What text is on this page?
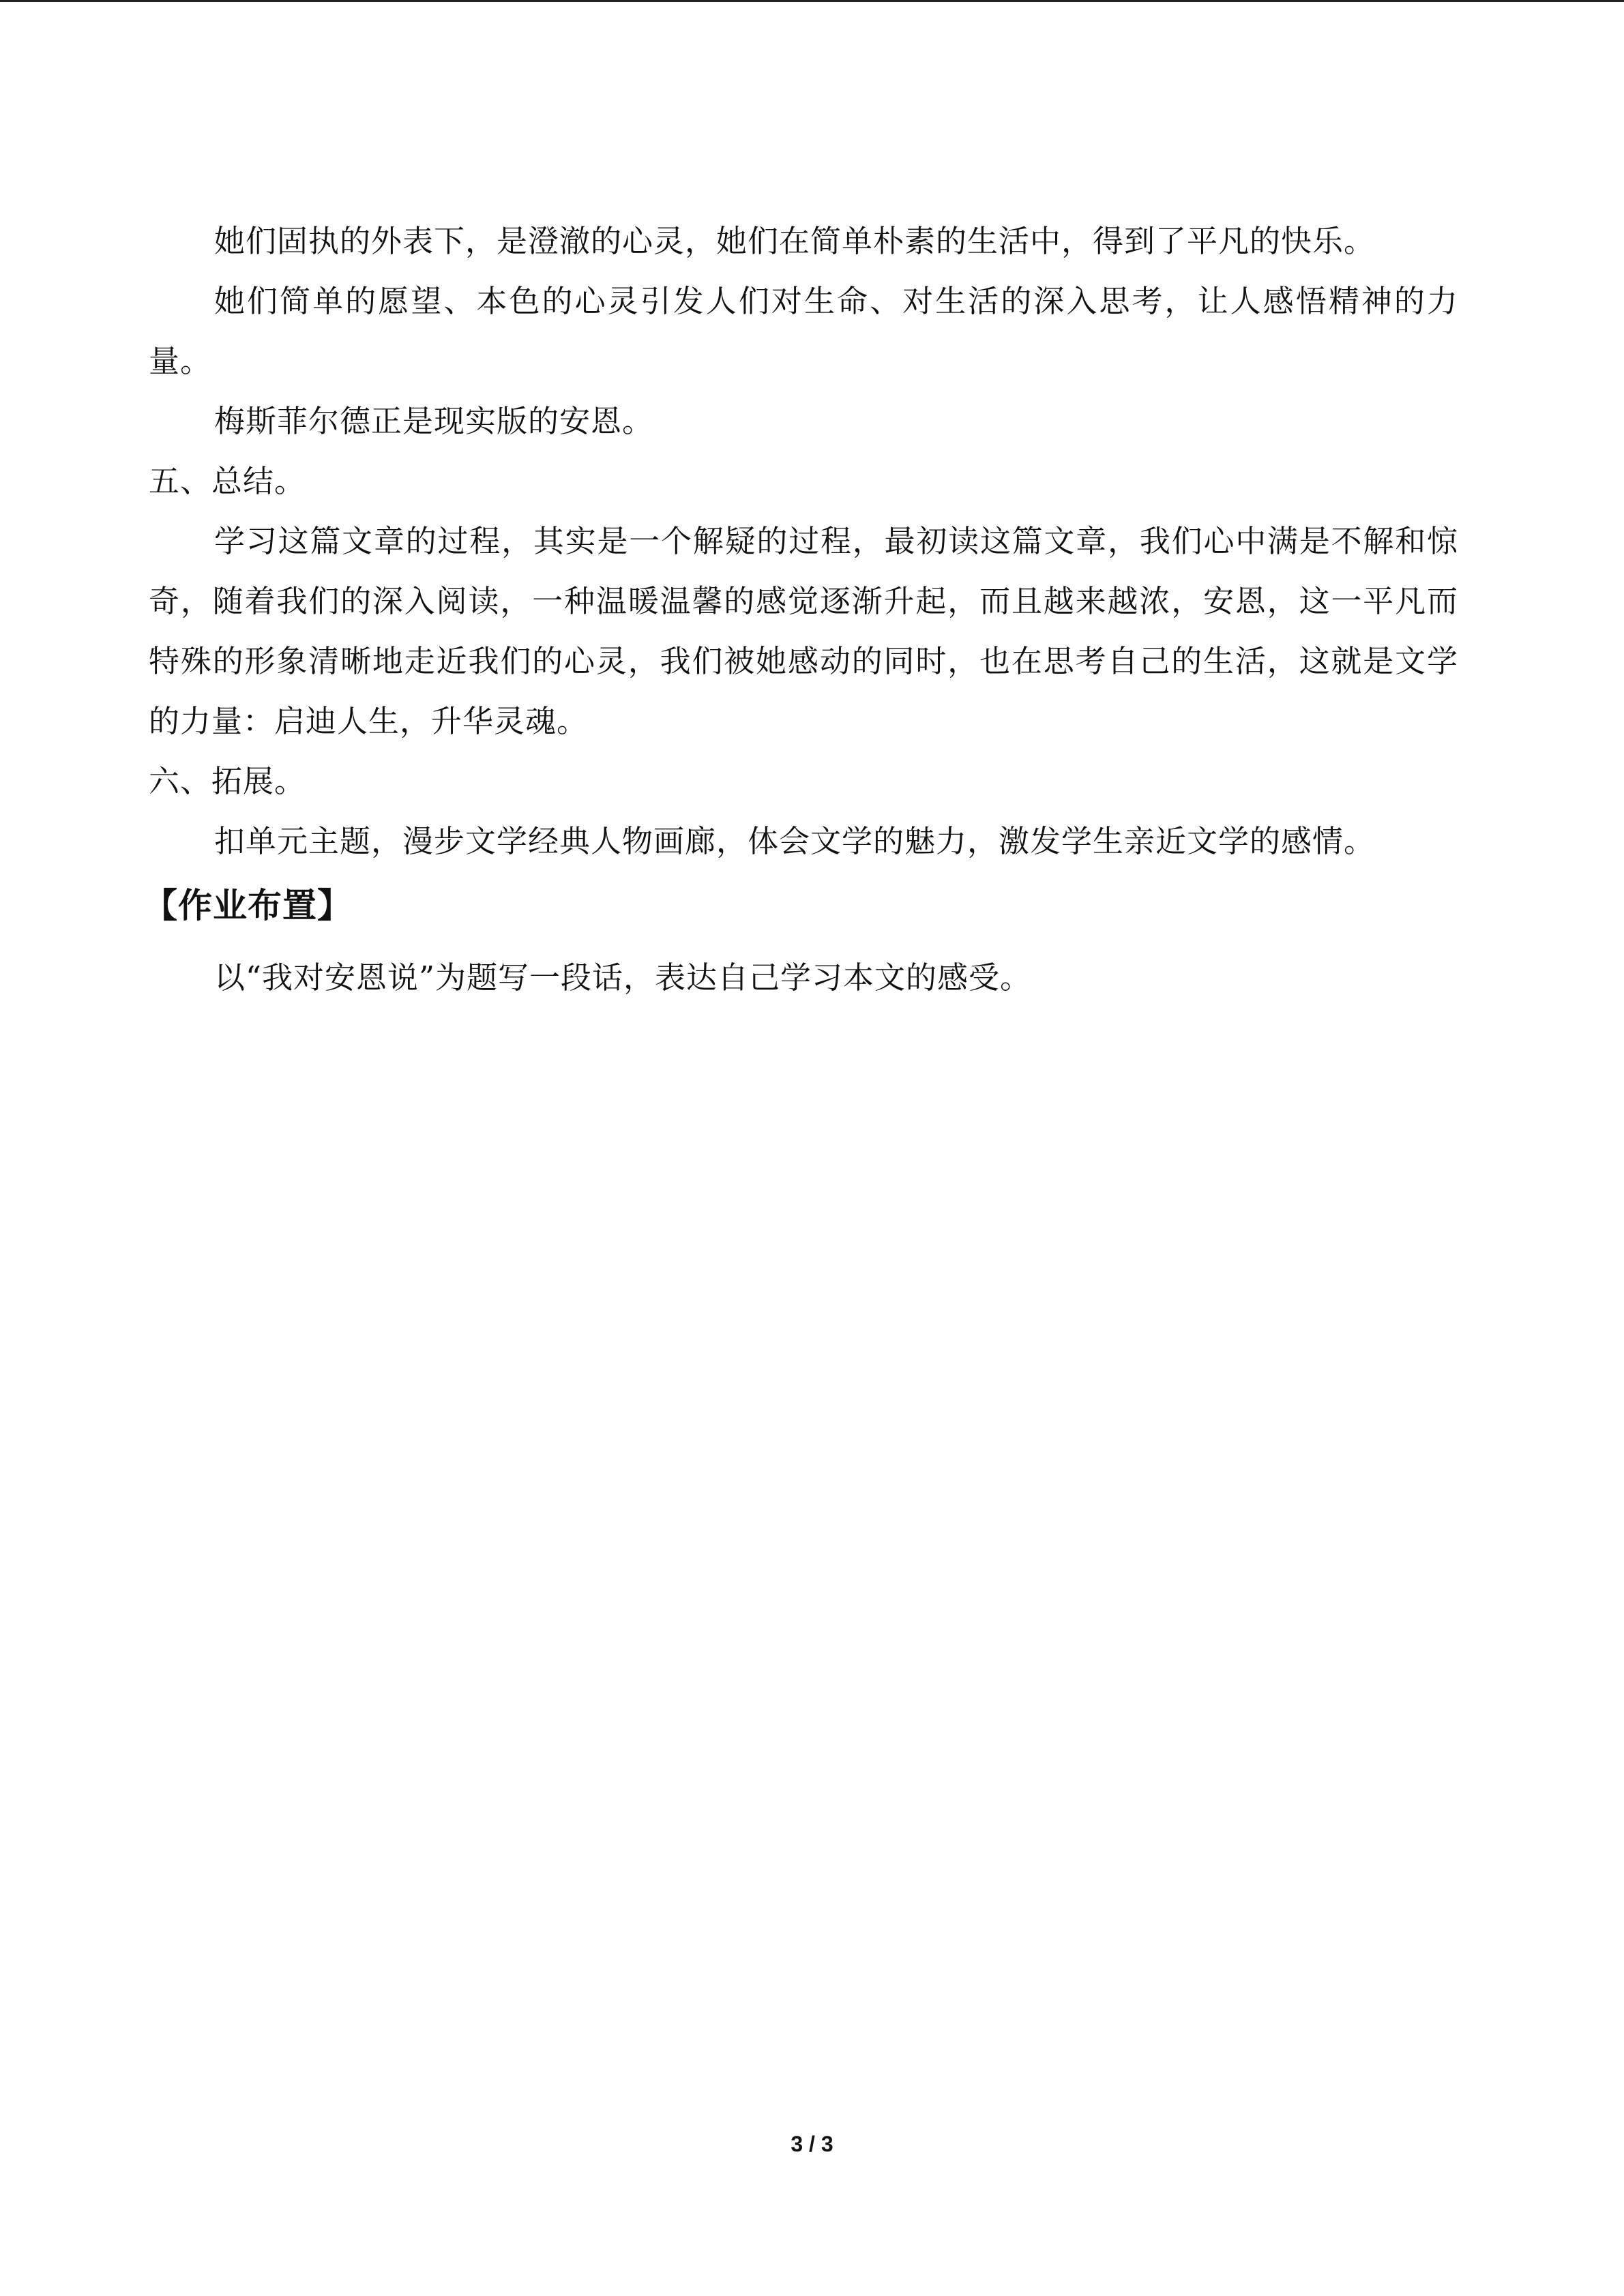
她们固执的外表下，是澄澈的心灵，她们在简单朴素的生活中，得到了平凡的快乐。

她们简单的愿望、本色的心灵引发人们对生命、对生活的深入思考，让人感悟精神的力量。

梅斯菲尔德正是现实版的安恩。

五、总结。

学习这篇文章的过程，其实是一个解疑的过程，最初读这篇文章，我们心中满是不解和惊奇，随着我们的深入阅读，一种温暖温馨的感觉逐渐升起，而且越来越浓，安恩，这一平凡而特殊的形象清晰地走近我们的心灵，我们被她感动的同时，也在思考自己的生活，这就是文学的力量：启迪人生，升华灵魂。

六、拓展。

扣单元主题，漫步文学经典人物画廊，体会文学的魅力，激发学生亲近文学的感情。

【作业布置】

以“我对安恩说”为题写一段话，表达自己学习本文的感受。

3 / 3
